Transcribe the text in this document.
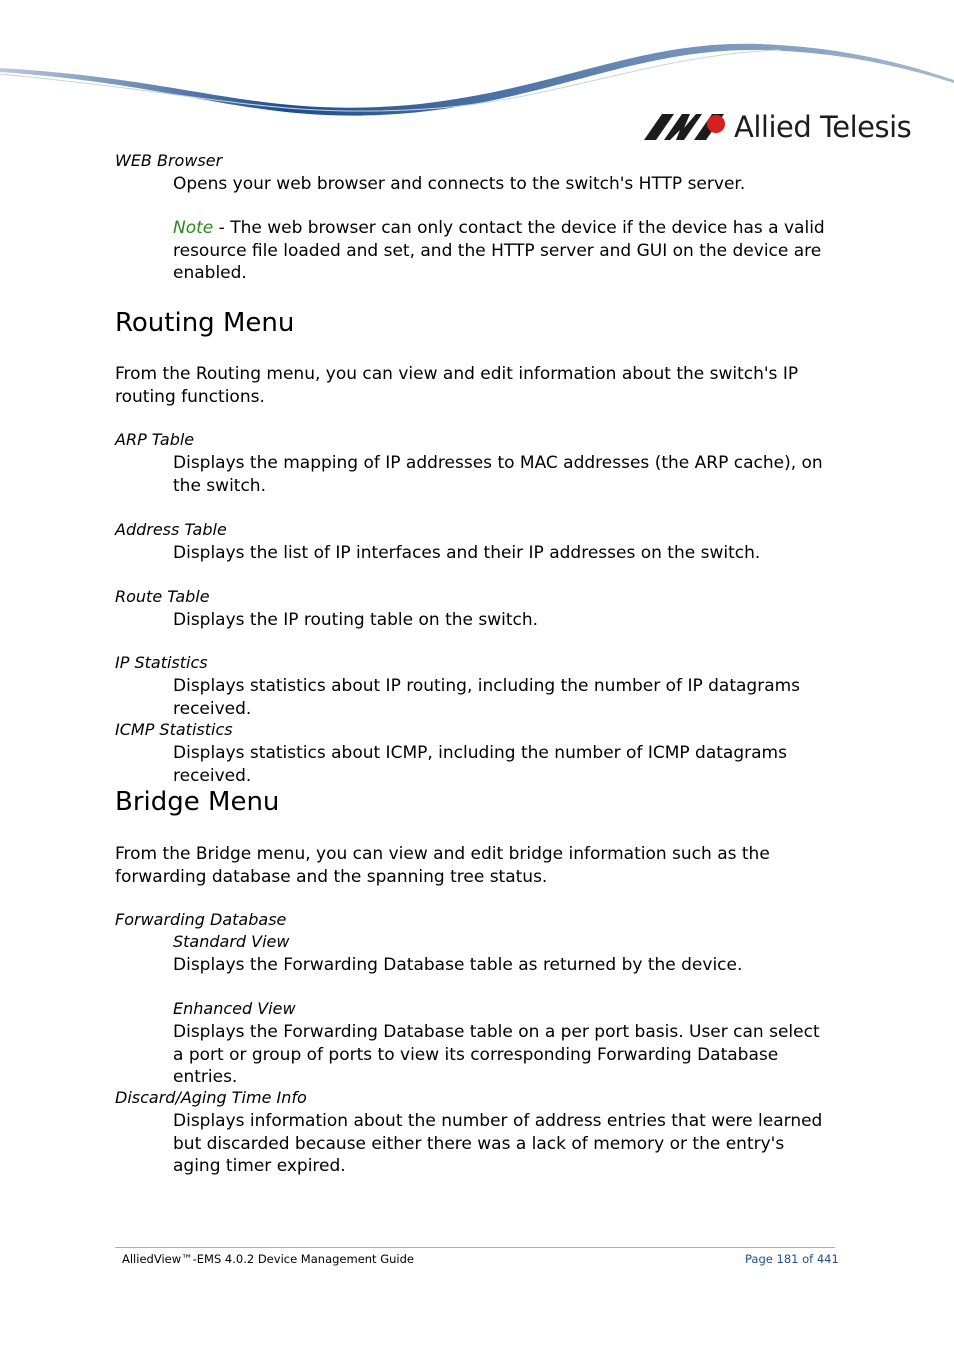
Allied Telesis
WEB Browser
Opens your web browser and connects to the switch's HTTP server.
Note - The web browser can only contact the device if the device has a valid resource file loaded and set, and the HTTP server and GUI on the device are enabled.
Routing Menu
From the Routing menu, you can view and edit information about the switch's IP routing functions.
ARP Table
Displays the mapping of IP addresses to MAC addresses (the ARP cache), on the switch.
Address Table
Displays the list of IP interfaces and their IP addresses on the switch.
Route Table
Displays the IP routing table on the switch.
IP Statistics
Displays statistics about IP routing, including the number of IP datagrams received.
ICMP Statistics
Displays statistics about ICMP, including the number of ICMP datagrams received.
Bridge Menu
From the Bridge menu, you can view and edit bridge information such as the forwarding database and the spanning tree status.
Forwarding Database
Standard View
Displays the Forwarding Database table as returned by the device.
Enhanced View
Displays the Forwarding Database table on a per port basis. User can select a port or group of ports to view its corresponding Forwarding Database entries.
Discard/Aging Time Info
Displays information about the number of address entries that were learned but discarded because either there was a lack of memory or the entry's aging timer expired.
AlliedView™-EMS 4.0.2 Device Management Guide	Page 181 of 441
